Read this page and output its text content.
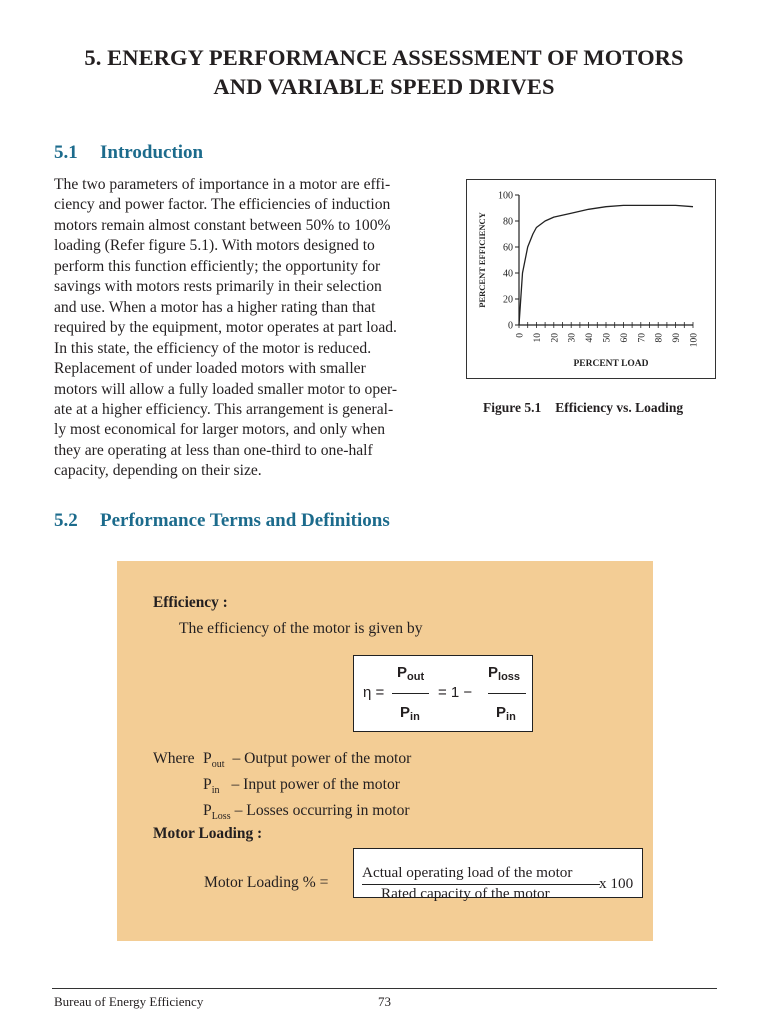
5. ENERGY PERFORMANCE ASSESSMENT OF MOTORS
AND VARIABLE SPEED DRIVES
5.1 Introduction
The two parameters of importance in a motor are effi-
ciency and power factor. The efficiencies of induction
motors remain almost constant between 50% to 100%
loading (Refer figure 5.1). With motors designed to
perform this function efficiently; the opportunity for
savings with motors rests primarily in their selection
and use. When a motor has a higher rating than that
required by the equipment, motor operates at part load.
In this state, the efficiency of the motor is reduced.
Replacement of under loaded motors with smaller
motors will allow a fully loaded smaller motor to oper-
ate at a higher efficiency. This arrangement is general-
ly most economical for larger motors, and only when
they are operating at less than one-third to one-half
capacity, depending on their size.
0
20
40
60
80
100
0 10 20 30 40 50 60 70 80 90 100
PERCENT LOAD
PERCENT EFFICIENCY
Figure 5.1 Efficiency vs. Loading
5.2 Performance Terms and Definitions
Efficiency :
The efficiency of the motor is given by
η =
$P_{out}$
$P_{in}$
= 1 −
$P_{loss}$
$P_{in}$
Where $P_{out}$ – Output power of the motor
$P_{in}$ – Input power of the motor
$P_{Loss}$ – Losses occurring in motor
Motor Loading :
Motor Loading % =
Actual operating load of the motor
Rated capacity of the motor
x 100
Bureau of Energy Efficiency	73
